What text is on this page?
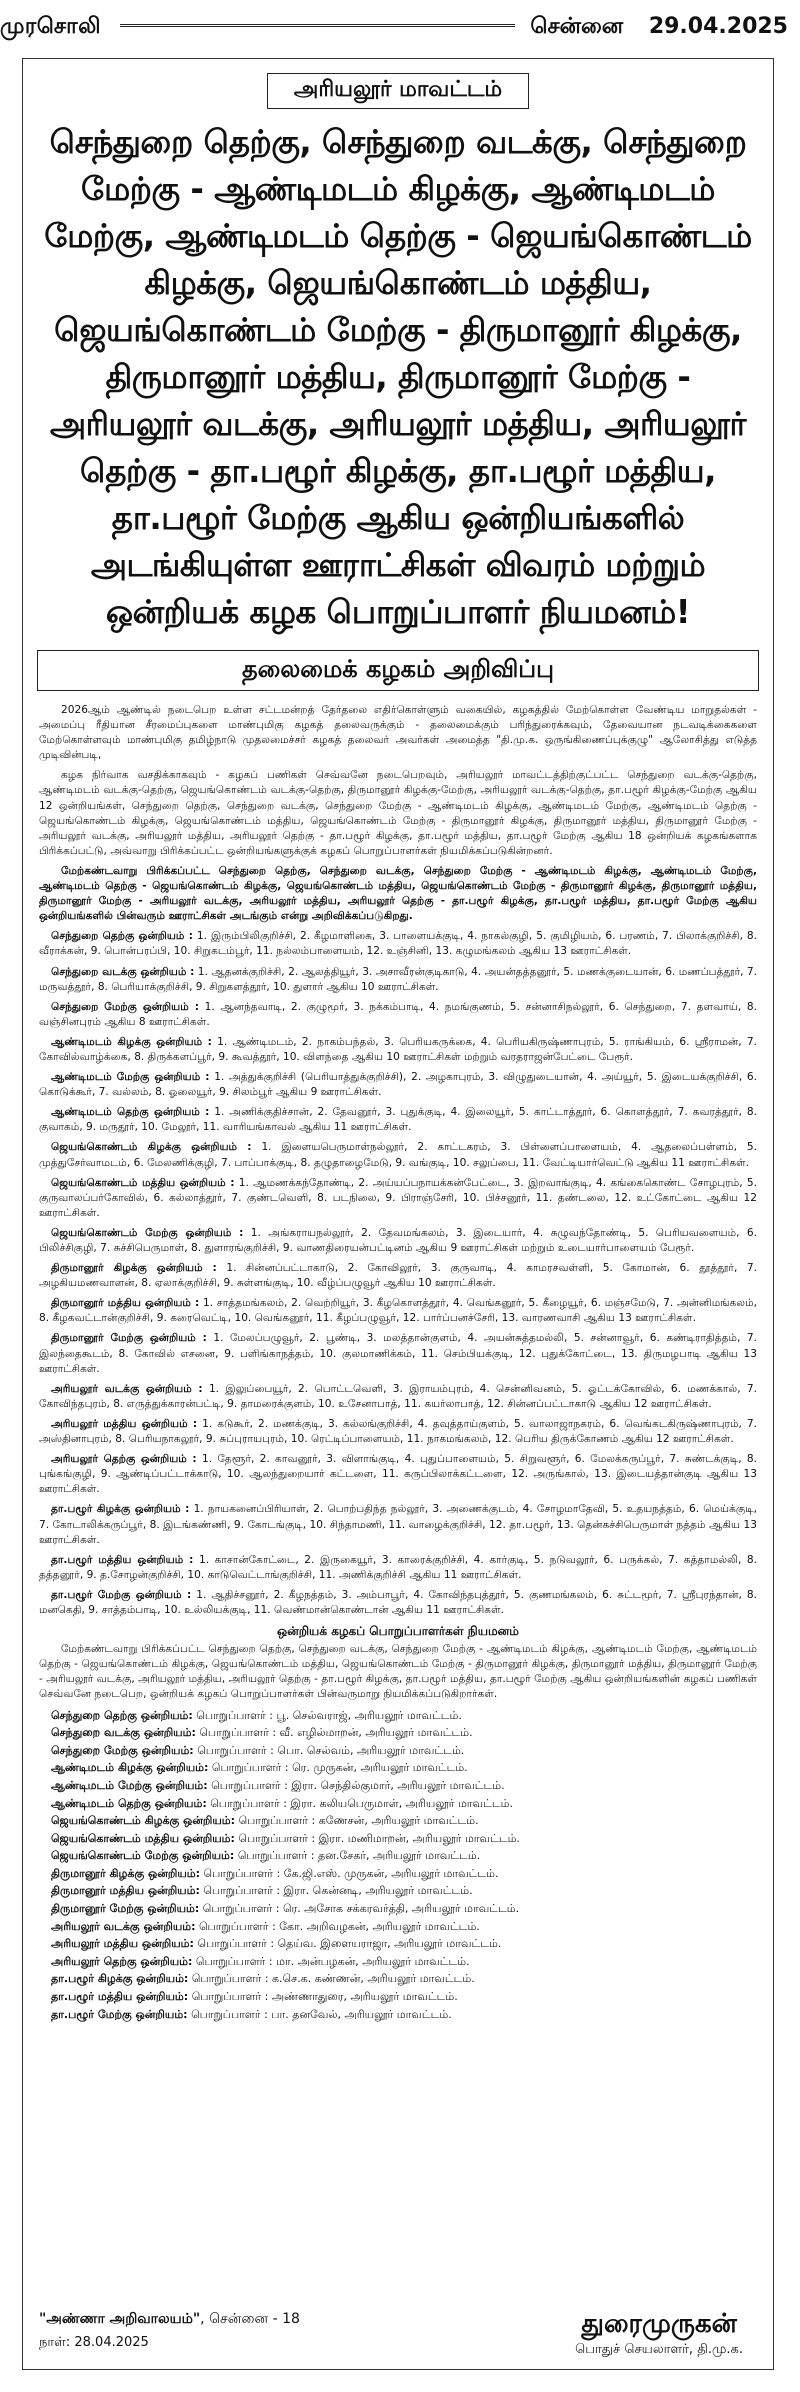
முரசொலி	சென்னை 29.04.2025
அரியலூர் மாவட்டம்
செந்துறை தெற்கு, செந்துறை வடக்கு, செந்துறை மேற்கு - ஆண்டிமடம் கிழக்கு, ஆண்டிமடம் மேற்கு, ஆண்டிமடம் தெற்கு - ஜெயங்கொண்டம் கிழக்கு, ஜெயங்கொண்டம் மத்திய, ஜெயங்கொண்டம் மேற்கு - திருமானூர் கிழக்கு, திருமானூர் மத்திய, திருமானூர் மேற்கு - அரியலூர் வடக்கு, அரியலூர் மத்திய, அரியலூர் தெற்கு - தா.பழூர் கிழக்கு, தா.பழூர் மத்திய, தா.பழூர் மேற்கு ஆகிய ஒன்றியங்களில் அடங்கியுள்ள ஊராட்சிகள் விவரம் மற்றும் ஒன்றியக் கழக பொறுப்பாளர் நியமனம்!
தலைமைக் கழகம் அறிவிப்பு

2026ஆம் ஆண்டில் நடைபெற உள்ள சட்டமன்றத் தேர்தலை எதிர்கொள்ளும் வகையில், கழகத்தில் மேற்கொள்ள வேண்டிய மாறுதல்கள் - அமைப்பு ரீதியான சீரமைப்புகளை மாண்புமிகு கழகத் தலைவருக்கும் - தலைமைக்கும் பரிந்துரைக்கவும், தேவையான நடவடிக்கைகளை மேற்கொள்ளவும் மாண்புமிகு தமிழ்நாடு முதலமைச்சர் கழகத் தலைவர் அவர்கள் அமைத்த "தி.மு.க. ஒருங்கிணைப்புக்குழு" ஆலோசித்து எடுத்த முடிவின்படி,

கழக நிர்வாக வசதிக்காகவும் - கழகப் பணிகள் செவ்வனே நடைபெறவும், அரியலூர் மாவட்டத்திற்குட்பட்ட செந்துறை வடக்கு-தெற்கு, ஆண்டிமடம் வடக்கு-தெற்கு, ஜெயங்கொண்டம் வடக்கு-தெற்கு, திருமானூர் கிழக்கு-மேற்கு, அரியலூர் வடக்கு-தெற்கு, தா.பழூர் கிழக்கு-மேற்கு ஆகிய 12 ஒன்றியங்கள், செந்துறை தெற்கு, செந்துறை வடக்கு, செந்துறை மேற்கு - ஆண்டிமடம் கிழக்கு, ஆண்டிமடம் மேற்கு, ஆண்டிமடம் தெற்கு - ஜெயங்கொண்டம் கிழக்கு, ஜெயங்கொண்டம் மத்திய, ஜெயங்கொண்டம் மேற்கு - திருமானூர் கிழக்கு, திருமானூர் மத்திய, திருமானூர் மேற்கு - அரியலூர் வடக்கு, அரியலூர் மத்திய, அரியலூர் தெற்கு - தா.பழூர் கிழக்கு, தா.பழூர் மத்திய, தா.பழூர் மேற்கு ஆகிய 18 ஒன்றியக் கழகங்களாக பிரிக்கப்பட்டு, அவ்வாறு பிரிக்கப்பட்ட ஒன்றியங்களுக்குக் கழகப் பொறுப்பாளர்கள் நியமிக்கப்படுகின்றனர்.

மேற்கண்டவாறு பிரிக்கப்பட்ட செந்துறை தெற்கு, செந்துறை வடக்கு, செந்துறை மேற்கு - ஆண்டிமடம் கிழக்கு, ஆண்டிமடம் மேற்கு, ஆண்டிமடம் தெற்கு - ஜெயங்கொண்டம் கிழக்கு, ஜெயங்கொண்டம் மத்திய, ஜெயங்கொண்டம் மேற்கு - திருமானூர் கிழக்கு, திருமானூர் மத்திய, திருமானூர் மேற்கு - அரியலூர் வடக்கு, அரியலூர் மத்திய, அரியலூர் தெற்கு - தா.பழூர் கிழக்கு, தா.பழூர் மத்திய, தா.பழூர் மேற்கு ஆகிய ஒன்றியங்களில் பின்வரும் ஊராட்சிகள் அடங்கும் என்று அறிவிக்கப்படுகிறது.

செந்துறை தெற்கு ஒன்றியம் : 1. இரும்பிலிகுறிச்சி, 2. கீழமாளிகை, 3. பாளையக்குடி, 4. நாகல்குழி, 5. குமிழியம், 6. பரணம், 7. பிலாக்குறிச்சி, 8. வீராக்கன், 9. பொன்பரப்பி, 10. சிறுகடம்பூர், 11. நல்லம்பாளையம், 12. உஞ்சினி, 13. கழுமங்கலம் ஆகிய 13 ஊராட்சிகள்.

செந்துறை வடக்கு ஒன்றியம் : 1. ஆதனக்குறிச்சி, 2. ஆலத்தியூர், 3. அசாவீரன்குடிகாடு, 4. அயன்தத்தனூர், 5. மணக்குடையான், 6. மணப்பத்தூர், 7. மருவத்தூர், 8. பெரியாக்குறிச்சி, 9. சிறுகளத்தூர், 10. துளார் ஆகிய 10 ஊராட்சிகள்.

செந்துறை மேற்கு ஒன்றியம் : 1. ஆனந்தவாடி, 2. குழுமூர், 3. நக்கம்பாடி, 4. நமங்குணம், 5. சன்னாசிநல்லூர், 6. செந்துறை, 7. தளவாய், 8. வஞ்சினபுரம் ஆகிய 8 ஊராட்சிகள்.

ஆண்டிமடம் கிழக்கு ஒன்றியம் : 1. ஆண்டிமடம், 2. நாகம்பந்தல், 3. பெரியகருக்கை, 4. பெரியகிருஷ்ணாபுரம், 5. ராங்கியம், 6. ஸ்ரீராமன், 7. கோவில்வாழ்க்கை, 8. திருக்களப்பூர், 9. கூவத்தூர், 10. விளந்தை ஆகிய 10 ஊராட்சிகள் மற்றும் வரதராஜன்பேட்டை பேரூர்.

ஆண்டிமடம் மேற்கு ஒன்றியம் : 1. அத்துக்குறிச்சி (பெரியாத்துக்குறிச்சி), 2. அழகாபுரம், 3. விழுதுடையான், 4. அய்யூர், 5. இடையக்குறிச்சி, 6. கொடுக்கூர், 7. வல்லம், 8. ஓலையூர், 9. சிலம்பூர் ஆகிய 9 ஊராட்சிகள்.

ஆண்டிமடம் தெற்கு ஒன்றியம் : 1. அணிக்குதிச்சான், 2. தேவனூர், 3. புதுக்குடி, 4. இலையூர், 5. காட்டாத்தூர், 6. கொளத்தூர், 7. கவரத்தூர், 8. குவாகம், 9. மருதூர், 10. மேலூர், 11. வாரியங்காவல் ஆகிய 11 ஊராட்சிகள்.

ஜெயங்கொண்டம் கிழக்கு ஒன்றியம் : 1. இளையபெருமாள்நல்லூர், 2. காட்டகரம், 3. பிள்ளைப்பாளையம், 4. ஆதலைப்பள்ளம், 5. முத்துசேர்வாமடம், 6. மேலணிக்குழி, 7. பாப்பாக்குடி, 8. தழுதாழைமேடு, 9. வங்குடி, 10. சலுப்பை, 11. வேட்டியார்வெட்டு ஆகிய 11 ஊராட்சிகள்.

ஜெயங்கொண்டம் மத்திய ஒன்றியம் : 1. ஆமணக்கந்தோண்டி, 2. அய்யப்பநாயக்கன்பேட்டை, 3. இறவாங்குடி, 4. கங்கைகொண்ட சோழபுரம், 5. குருவாலப்பர்கோவில், 6. கல்லாத்தூர், 7. குண்டவெளி, 8. படநிலை, 9. பிராஞ்சேரி, 10. பிச்சனூர், 11. தண்டலை, 12. உட்கோட்டை ஆகிய 12 ஊராட்சிகள்.

ஜெயங்கொண்டம் மேற்கு ஒன்றியம் : 1. அங்கராயநல்லூர், 2. தேவமங்கலம், 3. இடையார், 4. சுழுவந்தோண்டி, 5. பெரியவளையம், 6. பிலிச்சிகுழி, 7. சுச்சிபெருமாள், 8. துளாரங்குறிச்சி, 9. வாணதிரையன்பட்டினம் ஆகிய 9 ஊராட்சிகள் மற்றும் உடையார்பாளையம் பேரூர்.

திருமானூர் கிழக்கு ஒன்றியம் : 1. சின்னப்பட்டாகாடு, 2. கோவிலூர், 3. குருவாடி, 4. காமரசவள்ளி, 5. கோமான், 6. தூத்தூர், 7. அழகியமணவாளன், 8. ஏலாக்குறிச்சி, 9. சுள்ளங்குடி, 10. வீழ்ப்பழுவூர் ஆகிய 10 ஊராட்சிகள்.

திருமானூர் மத்திய ஒன்றியம் : 1. சாத்தமங்கலம், 2. வெற்றியூர், 3. கீழகொளத்தூர், 4. வெங்கனூர், 5. கீழையூர், 6. மஞ்சமேடு, 7. அன்னிமங்கலம், 8. கீழகவட்டான்குறிச்சி, 9. கரைவெட்டி, 10. வெங்கனூர், 11. கீழப்பழுவூர், 12. பார்ப்பனச்சேரி, 13. வாரணவாசி ஆகிய 13 ஊராட்சிகள்.

திருமானூர் மேற்கு ஒன்றியம் : 1. மேலப்பழுவூர், 2. பூண்டி, 3. மலத்தான்குளம், 4. அயன்சுத்தமல்லி, 5. சன்னாவூர், 6. கண்டிராதித்தம், 7. இலந்தைகூடம், 8. கோவில் எசனை, 9. பளிங்காநத்தம், 10. குலமாணிக்கம், 11. செம்பியக்குடி, 12. புதுக்கோட்டை, 13. திருமழபாடி ஆகிய 13 ஊராட்சிகள்.

அரியலூர் வடக்கு ஒன்றியம் : 1. இலுப்பையூர், 2. பொட்டவெளி, 3. இராயம்புரம், 4. சென்னிவனம், 5. ஓட்டக்கோவில், 6. மணக்கால், 7. கோவிந்தபுரம், 8. எருத்துக்காரன்பட்டி, 9. தாமரைக்குளம், 10. உசேனாபாத், 11. கயர்லாபாத், 12. சின்னப்பட்டாகாடு ஆகிய 12 ஊராட்சிகள்.

அரியலூர் மத்திய ஒன்றியம் : 1. கடுகூர், 2. மணக்குடி, 3. கல்லங்குறிச்சி, 4. தவுத்தாய்குளம், 5. வாலாஜாநகரம், 6. வெங்கடகிருஷ்ணாபுரம், 7. அஸ்தினாபுரம், 8. பெரியநாகலூர், 9. சுப்புராயபுரம், 10. ரெட்டிப்பாளையம், 11. நாகமங்கலம், 12. பெரிய திருக்கோணம் ஆகிய 12 ஊராட்சிகள்.

அரியலூர் தெற்கு ஒன்றியம் : 1. தேளூர், 2. காவனூர், 3. விளாங்குடி, 4. புதுப்பாளையம், 5. சிறுவளூர், 6. மேலக்கருப்பூர், 7. சுண்டக்குடி, 8. புங்கங்குழி, 9. ஆண்டிப்பட்டாக்காடு, 10. ஆலந்துறையார் கட்டளை, 11. கருப்பிலாக்கட்டளை, 12. அருங்கால், 13. இடையத்தான்குடி ஆகிய 13 ஊராட்சிகள்.

தா.பழூர் கிழக்கு ஒன்றியம் : 1. நாயகனைப்பிரியாள், 2. பொற்பதிந்த நல்லூர், 3. அணைக்குடம், 4. சோழமாதேவி, 5. உதயநத்தம், 6. மெய்க்குடி, 7. கோடாலிக்கருப்பூர், 8. இடங்கண்ணி, 9. கோடங்குடி, 10. சிந்தாமணி, 11. வாழைக்குறிச்சி, 12. தா.பழூர், 13. தென்கச்சிபெருமாள் நத்தம் ஆகிய 13 ஊராட்சிகள்.

தா.பழூர் மத்திய ஒன்றியம் : 1. காசான்கோட்டை, 2. இருகையூர், 3. காரைக்குறிச்சி, 4. கார்குடி, 5. நடுவலூர், 6. பருக்கல், 7. கத்தாமல்லி, 8. தத்தனூர், 9. த.சோழன்குறிச்சி, 10. காடுவெட்டாங்குறிச்சி, 11. அணிக்குறிச்சி ஆகிய 11 ஊராட்சிகள்.

தா.பழூர் மேற்கு ஒன்றியம் : 1. ஆதிச்சனூர், 2. கீழநத்தம், 3. அம்பாபூர், 4. கோவிந்தபுத்தூர், 5. குணமங்கலம், 6. சுட்டமூர், 7. ஸ்ரீபுரந்தான், 8. மனகெதி, 9. சாத்தம்பாடி, 10. உல்லியக்குடி, 11. வெண்மான்கொண்டான் ஆகிய 11 ஊராட்சிகள்.

ஒன்றியக் கழகப் பொறுப்பாளர்கள் நியமனம்

மேற்கண்டவாறு பிரிக்கப்பட்ட செந்துறை தெற்கு, செந்துறை வடக்கு, செந்துறை மேற்கு - ஆண்டிமடம் கிழக்கு, ஆண்டிமடம் மேற்கு, ஆண்டிமடம் தெற்கு - ஜெயங்கொண்டம் கிழக்கு, ஜெயங்கொண்டம் மத்திய, ஜெயங்கொண்டம் மேற்கு - திருமானூர் கிழக்கு, திருமானூர் மத்திய, திருமானூர் மேற்கு - அரியலூர் வடக்கு, அரியலூர் மத்திய, அரியலூர் தெற்கு - தா.பழூர் கிழக்கு, தா.பழூர் மத்திய, தா.பழூர் மேற்கு ஆகிய ஒன்றியங்களின் கழகப் பணிகள் செவ்வனே நடைபெற, ஒன்றியக் கழகப் பொறுப்பாளர்கள் பின்வருமாறு நியமிக்கப்படுகிறார்கள்.

செந்துறை தெற்கு ஒன்றியம்: பொறுப்பாளர் : பூ. செல்வராஜ், அரியலூர் மாவட்டம்.
செந்துறை வடக்கு ஒன்றியம்: பொறுப்பாளர் : வீ. எழில்மாறன், அரியலூர் மாவட்டம்.
செந்துறை மேற்கு ஒன்றியம்: பொறுப்பாளர் : பொ. செல்வம், அரியலூர் மாவட்டம்.
ஆண்டிமடம் கிழக்கு ஒன்றியம்: பொறுப்பாளர் : ரெ. முருகன், அரியலூர் மாவட்டம்.
ஆண்டிமடம் மேற்கு ஒன்றியம்: பொறுப்பாளர் : இரா. செந்தில்குமார், அரியலூர் மாவட்டம்.
ஆண்டிமடம் தெற்கு ஒன்றியம்: பொறுப்பாளர் : இரா. கலியபெருமாள், அரியலூர் மாவட்டம்.
ஜெயங்கொண்டம் கிழக்கு ஒன்றியம்: பொறுப்பாளர் : கணேசன், அரியலூர் மாவட்டம்.
ஜெயங்கொண்டம் மத்திய ஒன்றியம்: பொறுப்பாளர் : இரா. மணிமாறன், அரியலூர் மாவட்டம்.
ஜெயங்கொண்டம் மேற்கு ஒன்றியம்: பொறுப்பாளர் : தன.சேகர், அரியலூர் மாவட்டம்.
திருமானூர் கிழக்கு ஒன்றியம்: பொறுப்பாளர் : கே.ஜி.எஸ். முருகன், அரியலூர் மாவட்டம்.
திருமானூர் மத்திய ஒன்றியம்: பொறுப்பாளர் : இரா. கென்னடி, அரியலூர் மாவட்டம்.
திருமானூர் மேற்கு ஒன்றியம்: பொறுப்பாளர் : ரெ. அசோக சக்கரவர்த்தி, அரியலூர் மாவட்டம்.
அரியலூர் வடக்கு ஒன்றியம்: பொறுப்பாளர் : கோ. அறிவழகன், அரியலூர் மாவட்டம்.
அரியலூர் மத்திய ஒன்றியம்: பொறுப்பாளர் : தெய்வ. இளையராஜா, அரியலூர் மாவட்டம்.
அரியலூர் தெற்கு ஒன்றியம்: பொறுப்பாளர் : மா. அன்பழகன், அரியலூர் மாவட்டம்.
தா.பழூர் கிழக்கு ஒன்றியம்: பொறுப்பாளர் : க.செ.க. கண்ணன், அரியலூர் மாவட்டம்.
தா.பழூர் மத்திய ஒன்றியம்: பொறுப்பாளர் : அண்ணாதுரை, அரியலூர் மாவட்டம்.
தா.பழூர் மேற்கு ஒன்றியம்: பொறுப்பாளர் : பா. தனவேல், அரியலூர் மாவட்டம்.
"அண்ணா அறிவாலயம்", சென்னை - 18
நாள்: 28.04.2025
துரைமுருகன்
பொதுச் செயலாளர், தி.மு.க.
